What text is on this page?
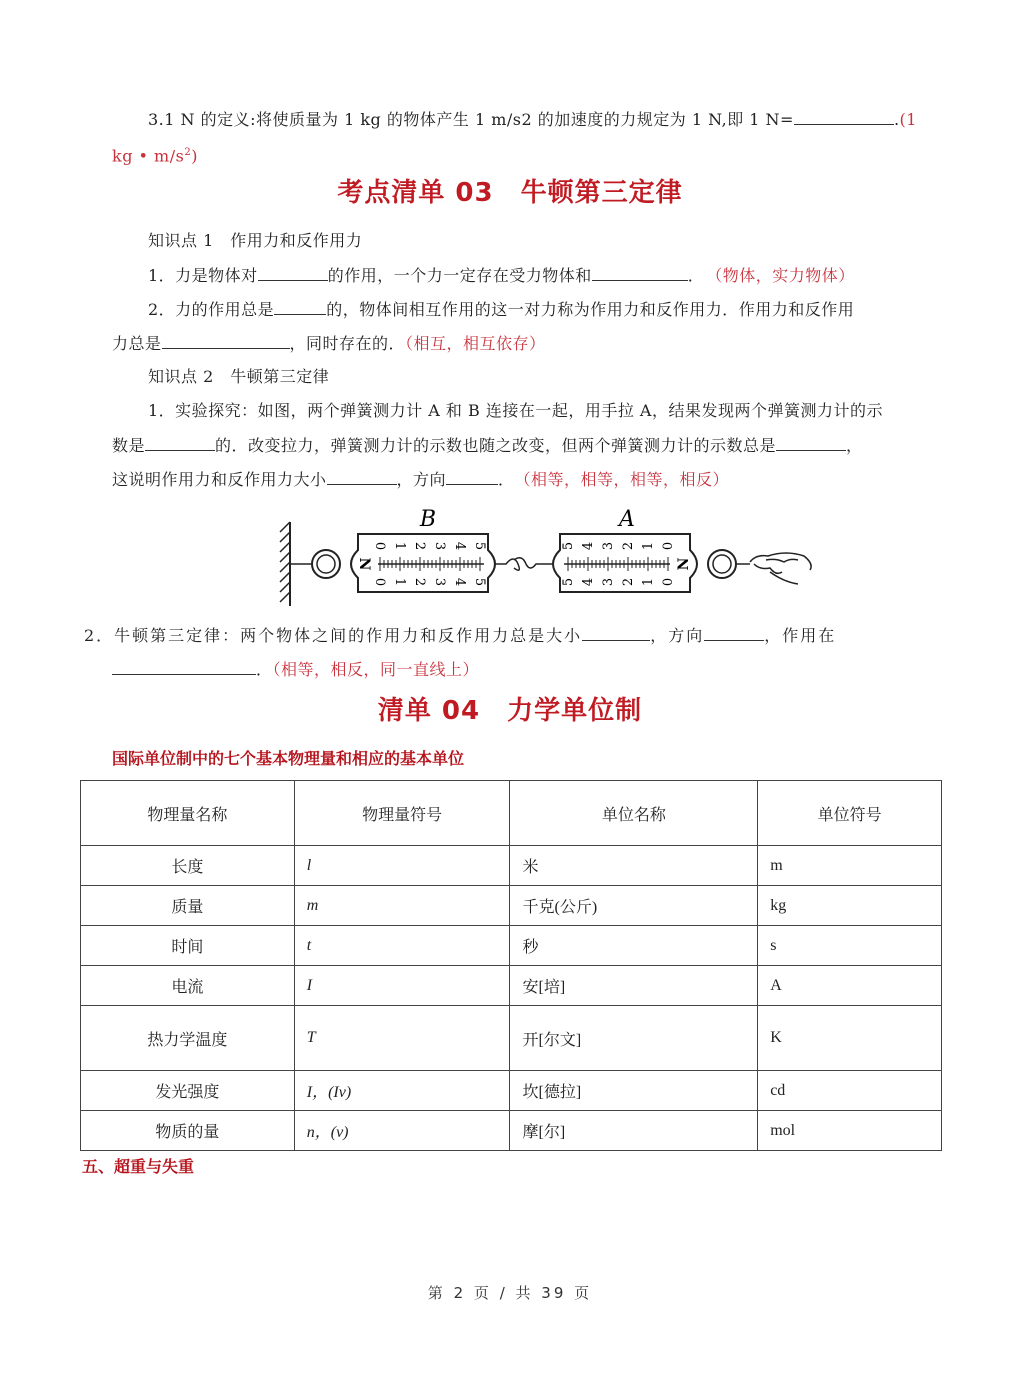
3.1 N 的定义:将使质量为 1 kg 的物体产生 1 m/s2 的加速度的力规定为 1 N,即 1 N=	.(1
kg • $m/s^2$)
考点清单 03　牛顿第三定律
知识点 1　作用力和反作用力
1．力是物体对	的作用，一个力一定存在受力物体和	． （物体，实力物体）
2．力的作用总是	的，物体间相互作用的这一对力称为作用力和反作用力．作用力和反作用
力总是	，同时存在的．（相互，相互依存）
知识点 2　牛顿第三定律
1．实验探究：如图，两个弹簧测力计 A 和 B 连接在一起，用手拉 A，结果发现两个弹簧测力计的示
数是	的．改变拉力，弹簧测力计的示数也随之改变，但两个弹簧测力计的示数总是	，
这说明作用力和反作用力大小	，方向	． （相等，相等，相等，相反）
N
0 1 2 3 4 5
0 1 2 3 4 5
B
5 4 3 2 1 0
5 4 3 2 1 0
N
A
2．牛顿第三定律：两个物体之间的作用力和反作用力总是大小	，方向	，作用在
．（相等，相反，同一直线上）
清单 04　力学单位制
国际单位制中的七个基本物理量和相应的基本单位
物理量名称	物理量符号	单位名称	单位符号
长度	l	米	m
质量	m	千克(公斤)	kg
时间	t	秒	s
电流	I	安[培]	A
热力学温度	T	开[尔文]	K
发光强度	I，(Iv)	坎[德拉]	cd
物质的量	n，(v)	摩[尔]	mol
五、超重与失重
第 2 页 / 共 39 页
